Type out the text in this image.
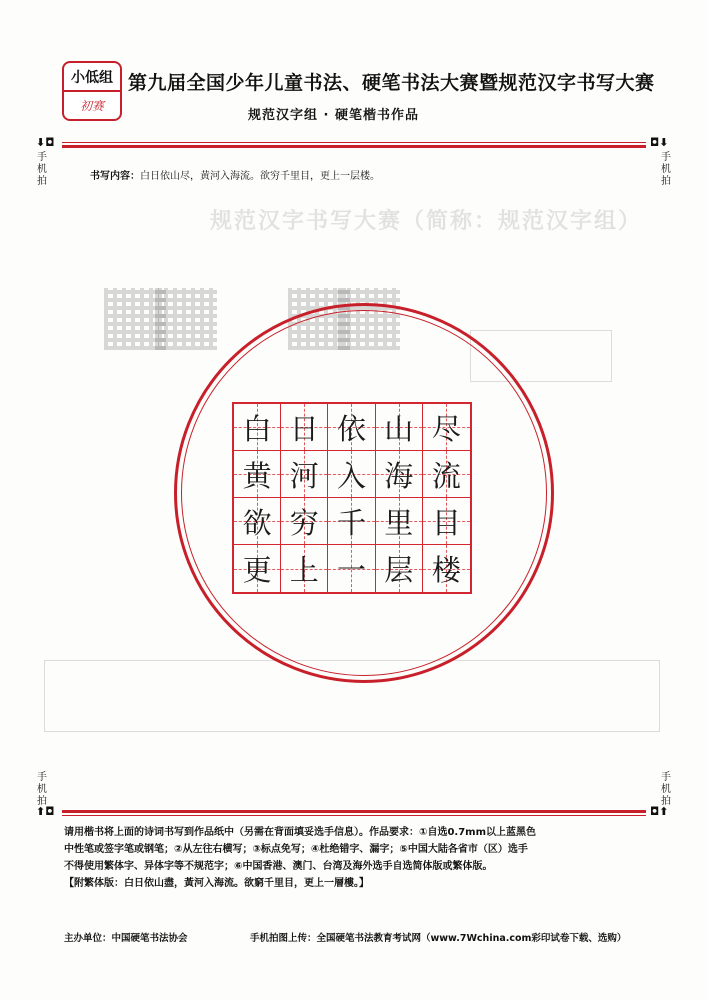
规范汉字书写大赛（简称：规范汉字组）
小低组
初赛
第九届全国少年儿童书法、硬笔书法大赛暨规范汉字书写大赛
规范汉字组 · 硬笔楷书作品
⬇◘	◘⬇
手机拍
手机拍
书写内容：白日依山尽，黄河入海流。欲穷千里目，更上一层楼。
白 日 依 山 尽
黄 河 入 海 流
欲 穷 千 里 目
更 上 一 层 楼
手机拍
手机拍
⬆◘	◘⬆

请用楷书将上面的诗词书写到作品纸中（另需在背面填妥选手信息）。作品要求：①自选0.7mm以上蓝黑色

中性笔或签字笔或钢笔；②从左往右横写；③标点免写；④杜绝错字、漏字；⑤中国大陆各省市（区）选手

不得使用繁体字、异体字等不规范字；⑥中国香港、澳门、台湾及海外选手自选简体版或繁体版。

【附繁体版：白日依山盡，黃河入海流。欲窮千里目，更上一層樓。】

主办单位：中国硬笔书法协会	手机拍图上传：全国硬笔书法教育考试网（www.7Wchina.com彩印试卷下载、选购）
